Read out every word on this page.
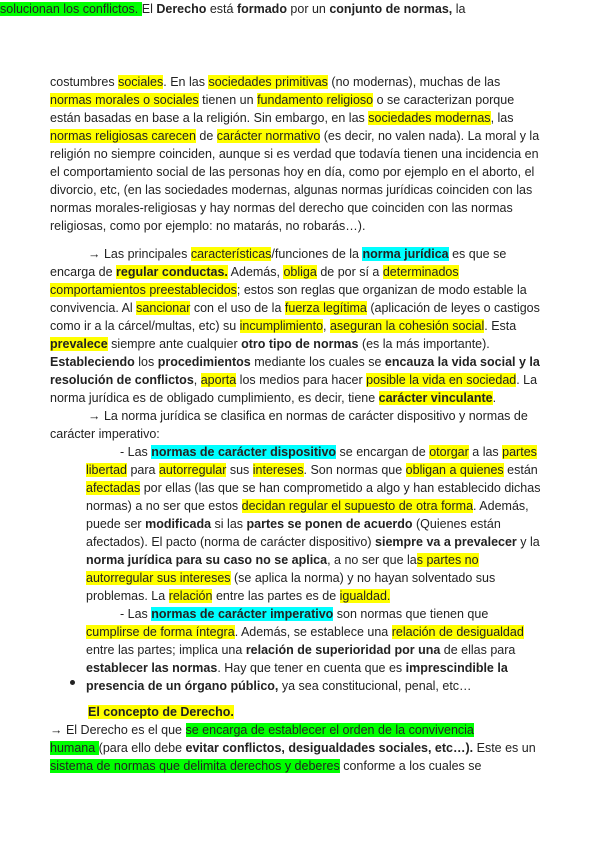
costumbres sociales. En las sociedades primitivas (no modernas), muchas de las
normas morales o sociales tienen un fundamento religioso o se caracterizan porque
están basadas en base a la religión. Sin embargo, en las sociedades modernas, las
normas religiosas carecen de carácter normativo (es decir, no valen nada). La moral y la
religión no siempre coinciden, aunque si es verdad que todavía tienen una incidencia en
el comportamiento social de las personas hoy en día, como por ejemplo en el aborto, el
divorcio, etc, (en las sociedades modernas, algunas normas jurídicas coinciden con las
normas morales-religiosas y hay normas del derecho que coinciden con las normas
religiosas, como por ejemplo: no matarás, no robarás…).
→ Las principales características/funciones de la norma jurídica es que se
encarga de regular conductas. Además, obliga de por sí a determinados
comportamientos preestablecidos; estos son reglas que organizan de modo estable la
convivencia. Al sancionar con el uso de la fuerza legítima (aplicación de leyes o castigos
como ir a la cárcel/multas, etc) su incumplimiento, aseguran la cohesión social. Esta
prevalece siempre ante cualquier otro tipo de normas (es la más importante).
Estableciendo los procedimientos mediante los cuales se encauza la vida social y la
resolución de conflictos, aporta los medios para hacer posible la vida en sociedad. La
norma jurídica es de obligado cumplimiento, es decir, tiene carácter vinculante.
→ La norma jurídica se clasifica en normas de carácter dispositivo y normas de
carácter imperativo:
- Las normas de carácter dispositivo se encargan de otorgar a las partes
libertad para autorregular sus intereses. Son normas que obligan a quienes están
afectadas por ellas (las que se han comprometido a algo y han establecido dichas
normas) a no ser que estos decidan regular el supuesto de otra forma. Además,
puede ser modificada si las partes se ponen de acuerdo (Quienes están
afectados). El pacto (norma de carácter dispositivo) siempre va a prevalecer y la
norma jurídica para su caso no se aplica, a no ser que las partes no
autorregular sus intereses (se aplica la norma) y no hayan solventado sus
problemas. La relación entre las partes es de igualdad.
- Las normas de carácter imperativo son normas que tienen que
cumplirse de forma íntegra. Además, se establece una relación de desigualdad
entre las partes; implica una relación de superioridad por una de ellas para
establecer las normas. Hay que tener en cuenta que es imprescindible la
presencia de un órgano público, ya sea constitucional, penal, etc…
El concepto de Derecho.
→ El Derecho es el que se encarga de establecer el orden de la convivencia
humana (para ello debe evitar conflictos, desigualdades sociales, etc…). Este es un
sistema de normas que delimita derechos y deberes conforme a los cuales se
solucionan los conflictos. El Derecho está formado por un conjunto de normas, la
